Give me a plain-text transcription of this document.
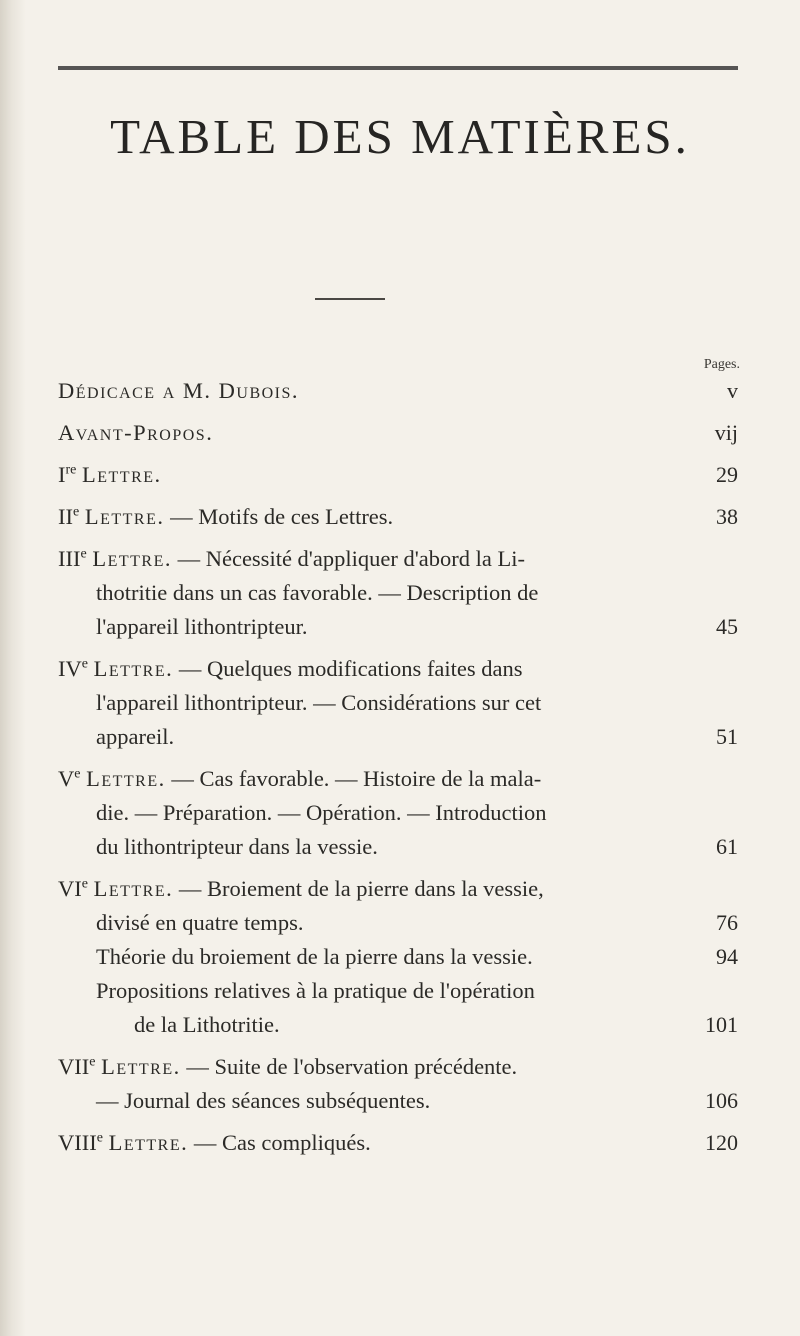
TABLE DES MATIÈRES.
Pages.
Dédicace a M. Dubois.	v
Avant-Propos.	vij
Ire Lettre.	29
IIe Lettre. — Motifs de ces Lettres.	38
IIIe Lettre. — Nécessité d'appliquer d'abord la Li-
thotritie dans un cas favorable. — Description de
l'appareil lithontripteur.	45
IVe Lettre. — Quelques modifications faites dans
l'appareil lithontripteur. — Considérations sur cet
appareil.	51
Ve Lettre. — Cas favorable. — Histoire de la mala-
die. — Préparation. — Opération. — Introduction
du lithontripteur dans la vessie.	61
VIe Lettre. — Broiement de la pierre dans la vessie,
divisé en quatre temps.	76
Théorie du broiement de la pierre dans la vessie.	94
Propositions relatives à la pratique de l'opération
de la Lithotritie.	101
VIIe Lettre. — Suite de l'observation précédente.
— Journal des séances subséquentes.	106
VIIIe Lettre. — Cas compliqués.	120
